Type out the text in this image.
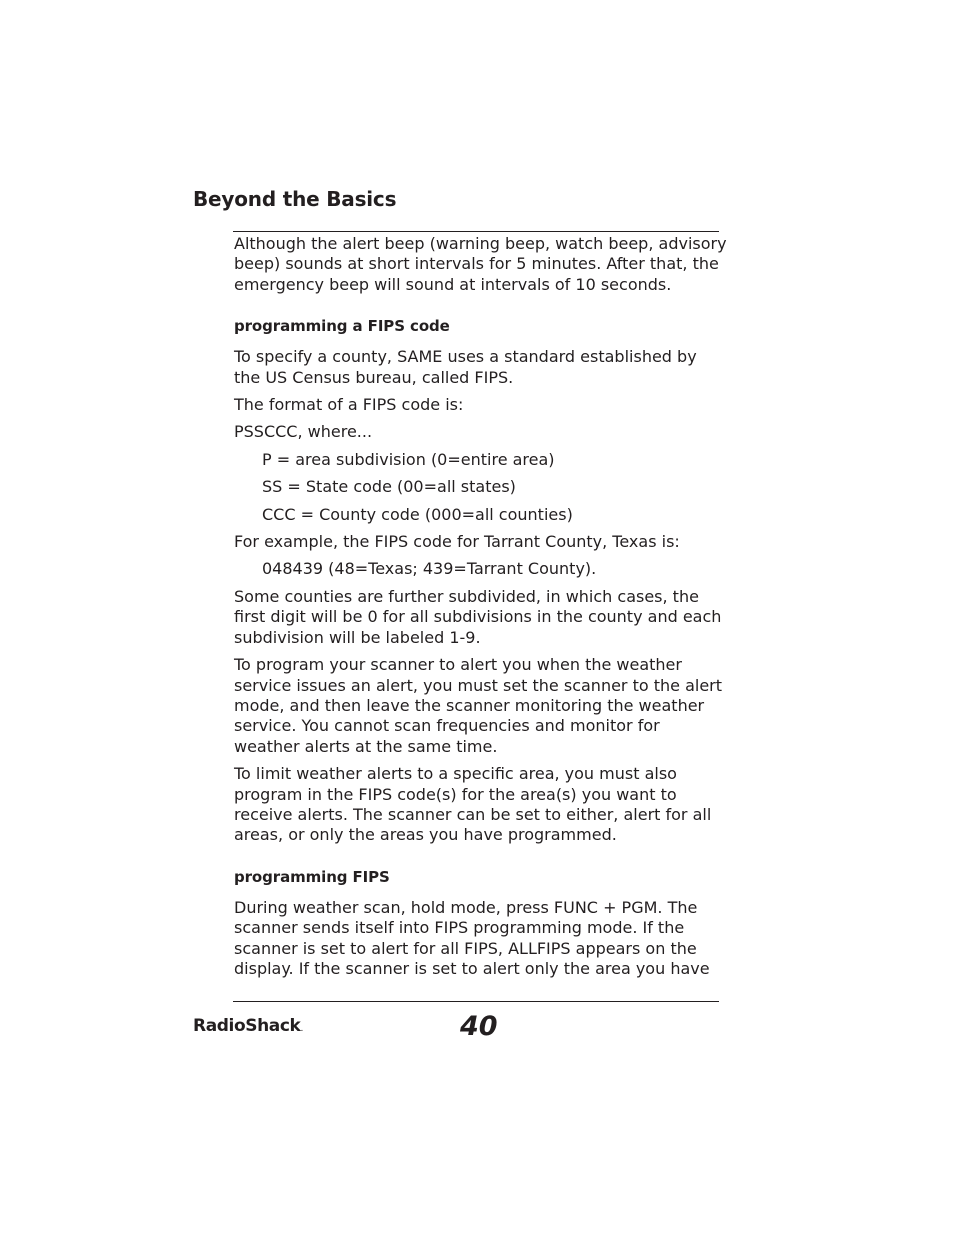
Beyond the Basics

Although the alert beep (warning beep, watch beep, advisory beep) sounds at short intervals for 5 minutes. After that, the emergency beep will sound at intervals of 10 seconds.

programming a FIPS code

To specify a county, SAME uses a standard established by the US Census bureau, called FIPS.

The format of a FIPS code is:

PSSCCC, where...

P = area subdivision (0=entire area)

SS = State code (00=all states)

CCC = County code (000=all counties)

For example, the FIPS code for Tarrant County, Texas is:

048439 (48=Texas; 439=Tarrant County).

Some counties are further subdivided, in which cases, the first digit will be 0 for all subdivisions in the county and each subdivision will be labeled 1-9.

To program your scanner to alert you when the weather service issues an alert, you must set the scanner to the alert mode, and then leave the scanner monitoring the weather service. You cannot scan frequencies and monitor for weather alerts at the same time.

To limit weather alerts to a specific area, you must also program in the FIPS code(s) for the area(s) you want to receive alerts. The scanner can be set to either, alert for all areas, or only the areas you have programmed.

programming FIPS

During weather scan, hold mode, press FUNC + PGM. The scanner sends itself into FIPS programming mode. If the scanner is set to alert for all FIPS, ALLFIPS appears on the display. If the scanner is set to alert only the area you have

RadioShack.	40
